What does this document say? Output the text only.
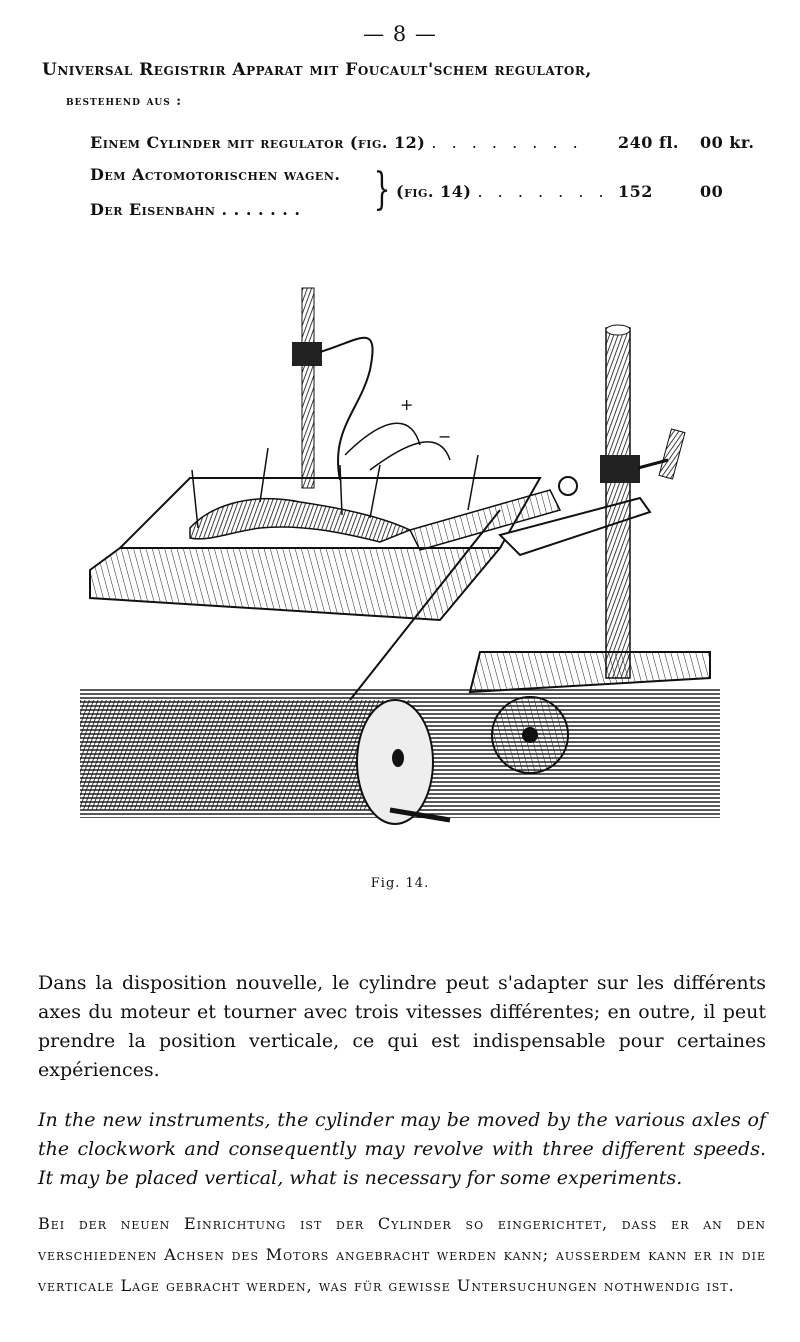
— 8 —
Universal Registrir Apparat mit Foucault'schem regulator,
bestehend aus :
Einem Cylinder mit regulator (fig. 12) . . . . . . . . 240 fl. 00 kr.
Dem Actomotorischen wagen. } (fig. 14) . . . . . . . 152	00
Der Eisenbahn . . . . . . .
+
−
Fig. 14.

Dans la disposition nouvelle, le cylindre peut s'adapter sur les différents axes du moteur et tourner avec trois vitesses différentes; en outre, il peut prendre la position verticale, ce qui est indispensable pour certaines expériences.

In the new instruments, the cylinder may be moved by the various axles of the clockwork and consequently may revolve with three different speeds. It may be placed vertical, what is necessary for some experiments.

Bei der neuen Einrichtung ist der Cylinder so eingerichtet, dass er an den verschiedenen Achsen des Motors angebracht werden kann; ausserdem kann er in die verticale Lage gebracht werden, was für gewisse Untersuchungen nothwendig ist.
